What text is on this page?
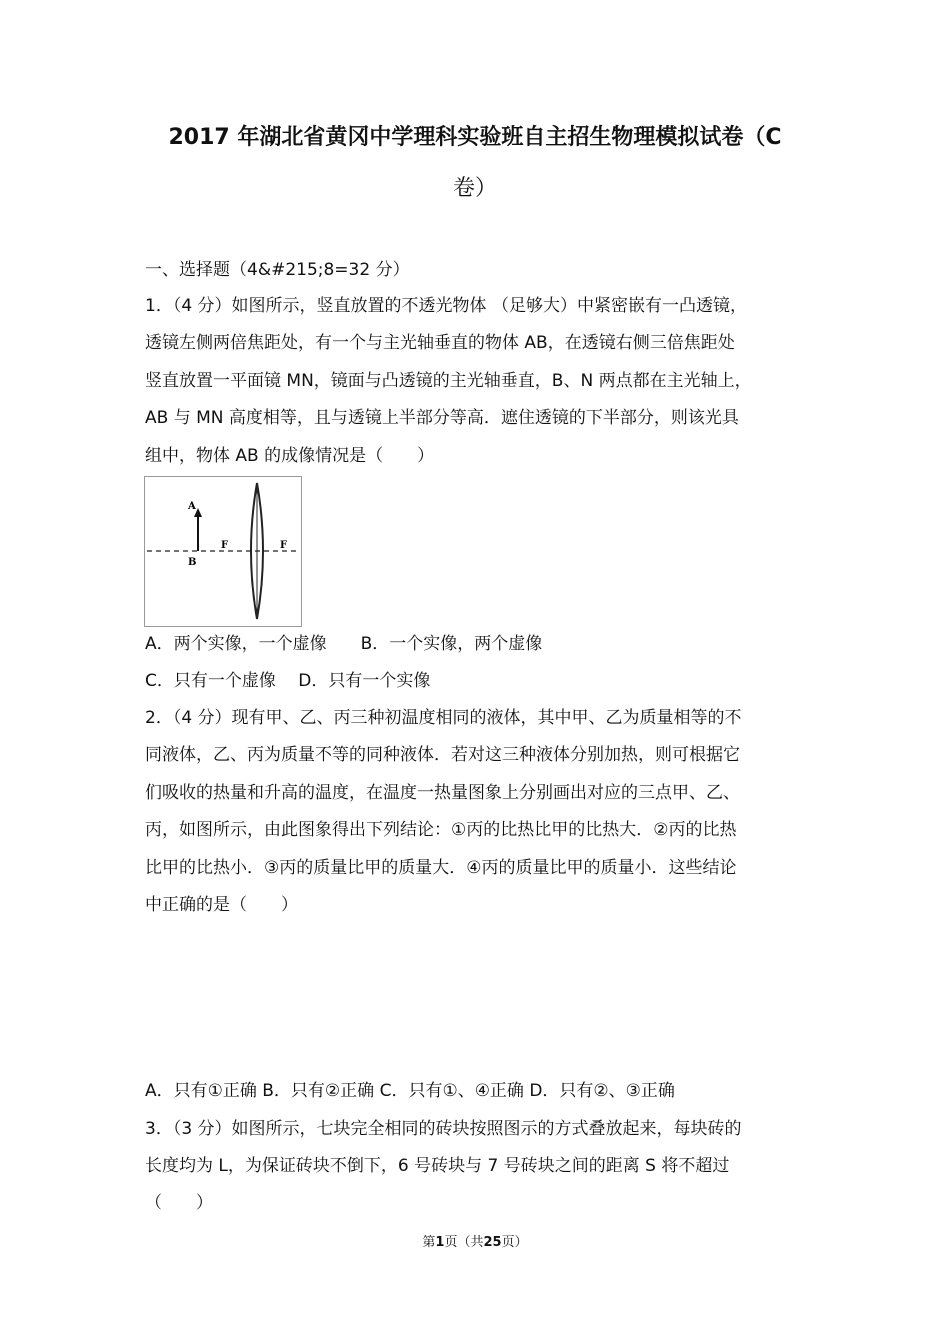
2017 年湖北省黄冈中学理科实验班自主招生物理模拟试卷（C
卷）
一、选择题（4&#215;8=32 分）
1．（4 分）如图所示，竖直放置的不透光物体 （足够大）中紧密嵌有一凸透镜，
透镜左侧两倍焦距处，有一个与主光轴垂直的物体 AB，在透镜右侧三倍焦距处
竖直放置一平面镜 MN，镜面与凸透镜的主光轴垂直，B、N 两点都在主光轴上，
AB 与 MN 高度相等，且与透镜上半部分等高．遮住透镜的下半部分，则该光具
组中，物体 AB 的成像情况是（　　）
A
B
F	F
A．两个实像，一个虚像　　B．一个实像，两个虚像
C．只有一个虚像　 D．只有一个实像
2．（4 分）现有甲、乙、丙三种初温度相同的液体，其中甲、乙为质量相等的不
同液体，乙、丙为质量不等的同种液体．若对这三种液体分别加热，则可根据它
们吸收的热量和升高的温度，在温度一热量图象上分别画出对应的三点甲、乙、
丙，如图所示，由此图象得出下列结论：①丙的比热比甲的比热大．②丙的比热
比甲的比热小．③丙的质量比甲的质量大．④丙的质量比甲的质量小．这些结论
中正确的是（　　）
A．只有①正确 B．只有②正确 C．只有①、④正确 D．只有②、③正确
3．（3 分）如图所示，七块完全相同的砖块按照图示的方式叠放起来，每块砖的
长度均为 L，为保证砖块不倒下，6 号砖块与 7 号砖块之间的距离 S 将不超过
（　　）
第1页（共25页）
